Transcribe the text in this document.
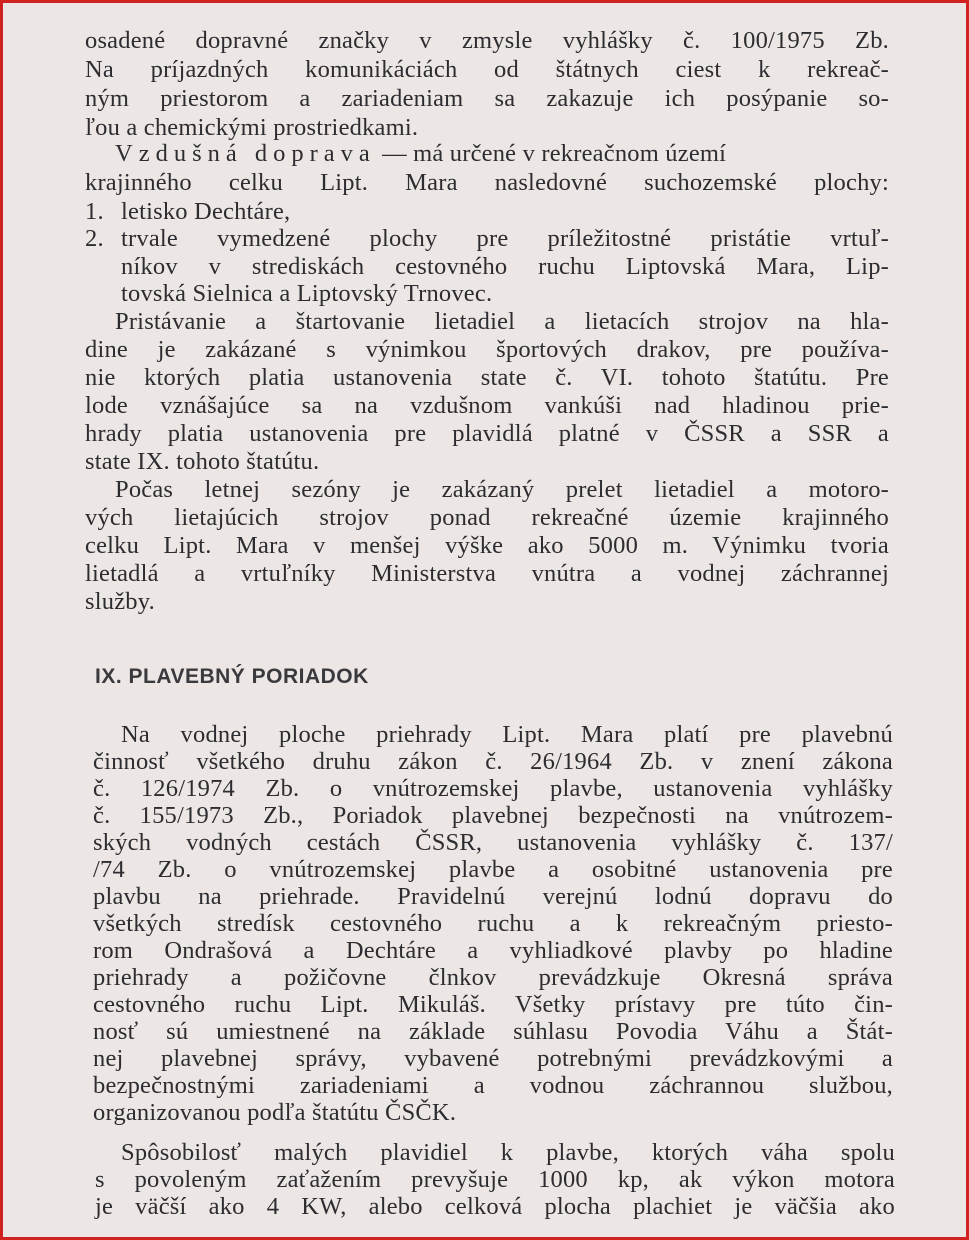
osadené dopravné značky v zmysle vyhlášky č. 100/1975 Zb.
Na príjazdných komunikáciách od štátnych ciest k rekreač-
ným priestorom a zariadeniam sa zakazuje ich posýpanie so-
ľou a chemickými prostriedkami.
Vzdušná doprava — má určené v rekreačnom území
krajinného celku Lipt. Mara nasledovné suchozemské plochy:
1. letisko Dechtáre,
2. trvale vymedzené plochy pre príležitostné pristátie vrtuľ-
níkov v strediskách cestovného ruchu Liptovská Mara, Lip-
tovská Sielnica a Liptovský Trnovec.
Pristávanie a štartovanie lietadiel a lietacích strojov na hla-
dine je zakázané s výnimkou športových drakov, pre používa-
nie ktorých platia ustanovenia state č. VI. tohoto štatútu. Pre
lode vznášajúce sa na vzdušnom vankúši nad hladinou prie-
hrady platia ustanovenia pre plavidlá platné v ČSSR a SSR a
state IX. tohoto štatútu.
Počas letnej sezóny je zakázaný prelet lietadiel a motoro-
vých lietajúcich strojov ponad rekreačné územie krajinného
celku Lipt. Mara v menšej výške ako 5000 m. Výnimku tvoria
lietadlá a vrtuľníky Ministerstva vnútra a vodnej záchrannej
služby.
IX. PLAVEBNÝ PORIADOK
Na vodnej ploche priehrady Lipt. Mara platí pre plavebnú
činnosť všetkého druhu zákon č. 26/1964 Zb. v znení zákona
č. 126/1974 Zb. o vnútrozemskej plavbe, ustanovenia vyhlášky
č. 155/1973 Zb., Poriadok plavebnej bezpečnosti na vnútrozem-
ských vodných cestách ČSSR, ustanovenia vyhlášky č. 137/
/74 Zb. o vnútrozemskej plavbe a osobitné ustanovenia pre
plavbu na priehrade. Pravidelnú verejnú lodnú dopravu do
všetkých stredísk cestovného ruchu a k rekreačným priesto-
rom Ondrašová a Dechtáre a vyhliadkové plavby po hladine
priehrady a požičovne člnkov prevádzkuje Okresná správa
cestovného ruchu Lipt. Mikuláš. Všetky prístavy pre túto čin-
nosť sú umiestnené na základe súhlasu Povodia Váhu a Štát-
nej plavebnej správy, vybavené potrebnými prevádzkovými a
bezpečnostnými zariadeniami a vodnou záchrannou službou,
organizovanou podľa štatútu ČSČK.
Spôsobilosť malých plavidiel k plavbe, ktorých váha spolu
s povoleným zaťažením prevyšuje 1000 kp, ak výkon motora
je väčší ako 4 KW, alebo celková plocha plachiet je väčšia ako
